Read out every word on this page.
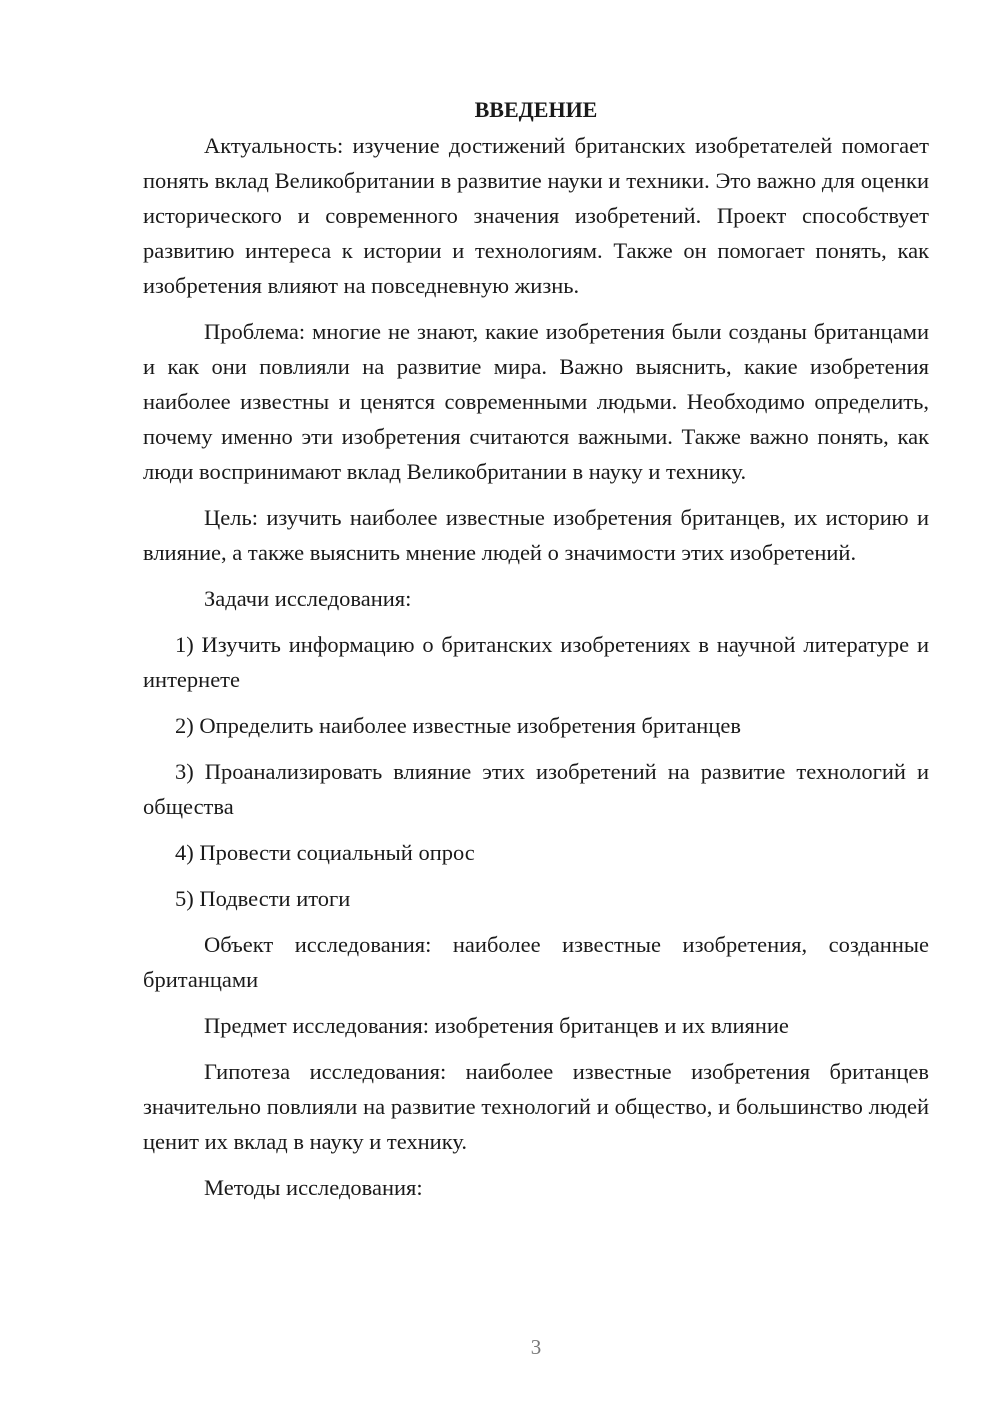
ВВЕДЕНИЕ

Актуальность: изучение достижений британских изобретателей помогает понять вклад Великобритании в развитие науки и техники. Это важно для оценки исторического и современного значения изобретений. Проект способствует развитию интереса к истории и технологиям. Также он помогает понять, как изобретения влияют на повседневную жизнь.

Проблема: многие не знают, какие изобретения были созданы британцами и как они повлияли на развитие мира. Важно выяснить, какие изобретения наиболее известны и ценятся современными людьми. Необходимо определить, почему именно эти изобретения считаются важными. Также важно понять, как люди воспринимают вклад Великобритании в науку и технику.

Цель: изучить наиболее известные изобретения британцев, их историю и влияние, а также выяснить мнение людей о значимости этих изобретений.

Задачи исследования:

1) Изучить информацию о британских изобретениях в научной литературе и интернете

2) Определить наиболее известные изобретения британцев

3) Проанализировать влияние этих изобретений на развитие технологий и общества

4) Провести социальный опрос

5) Подвести итоги

Объект исследования: наиболее известные изобретения, созданные британцами

Предмет исследования: изобретения британцев и их влияние

Гипотеза исследования: наиболее известные изобретения британцев значительно повлияли на развитие технологий и общество, и большинство людей ценит их вклад в науку и технику.

Методы исследования:

3
